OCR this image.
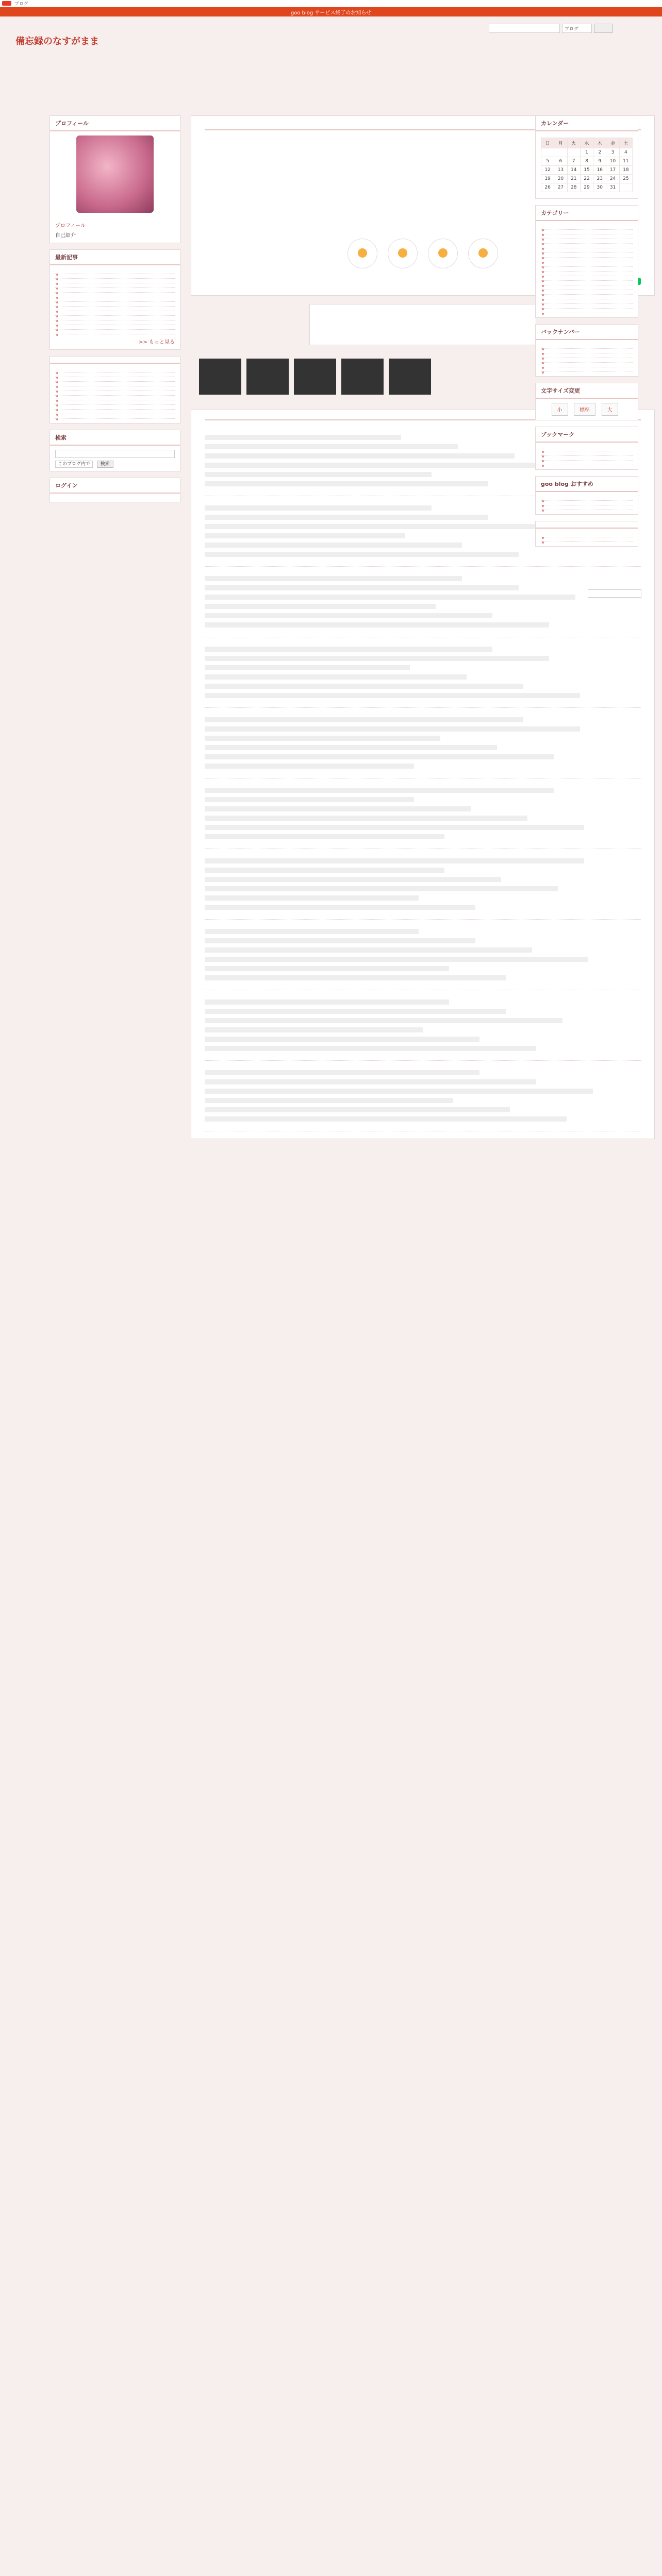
ブログ
goo blog サービス終了のお知らせ
備忘録のなすがまま
ブログ
プロフィール
プロフィール
自己紹介
最新記事
>> もっと見る
検索
このブログ内で 検索
ログイン
カレンダー
日	月	火	水	木	金	土
			1	2	3	4
5	6	7	8	9	10	11
12	13	14	15	16	17	18
19	20	21	22	23	24	25
26	27	28	29	30	31	
カテゴリー
バックナンバー
文字サイズ変更
小	標準	大
ブックマーク
goo blog おすすめ
